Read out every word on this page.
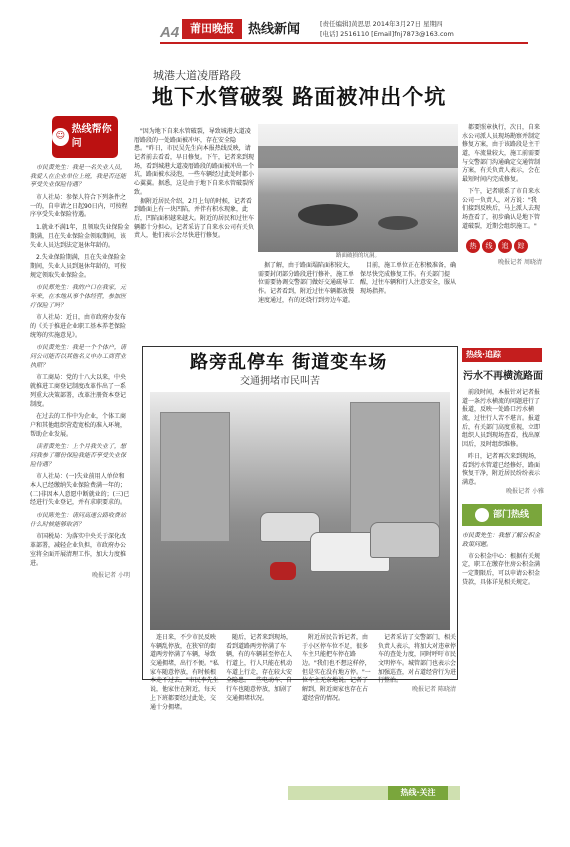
A4 莆田晚报	热线新闻	[责任编辑]黄思思 2014年3月27日 星期四
[电话] 2516110 [Email]fnj7873@163.com
☺
热线帮你问

市民黄先生：我是一名失业人员，我爱人在企业单位上班，我是否还能享受失业保险待遇？

市人社局：参保人符合下列条件之一的，自申请之日起90日内，可按程序享受失业保险待遇。

1.就业不满1年，且领取失业保险金期满，且在失业保险金领取期间，该失业人员达到法定退休年龄的。

2.失业保险期满，且在失业保险金期间，失业人员到退休年龄的，可按规定领取失业保险金。

市民郑先生：我的户口在我家，元年来，在本地从事个体经营，参加医疗保险了吗？

市人社局：近日，由市政府办发布的《关于推进企业职工基本养老保险统筹的实施意见》。

市民黄先生：我是一个个体户，请问公司能否以其他名义申办工商营业执照？

市工商局：党的十八大以来，中央就推进工商登记制度改革作出了一系列重大决策部署，改革注册资本登记制度。

在过去的工作中为企业，个体工商户和其他组织营造宽松的准入环境，帮助企业发展。

读者黄先生：上个月我失业了，想问我参了哪份保险我能否享受失业保险待遇？

市人社局：(一)失业前用人单位和本人已经缴纳失业保险费满一年的；(二)非因本人意愿中断就业的；(三)已经进行失业登记，并有求职要求的。

市民陈先生：请问高速公路收费站什么时候能够取消？

市国税局：为落实中央关于深化改革部署，减轻企业负担，市政府办公室将全面开展清理工作，加大力度推进。

晚报记者 小明
城港大道凌厝路段
地下水管破裂 路面被冲出个坑

"因为地下自来水管破裂，导致城港大道凌厝路段的一处路面被冲坏，存在安全隐患。"昨日，市民吴先生向本报热线反映，请记者前去看看，早日修复。下午，记者来到现场，看到城港大道凌厝路段的路面被冲出一个坑，路面被水浸泡，一些车辆经过此处时都小心翼翼。据悉，这是由于地下自来水管破裂所致。

据附近居民介绍，2月上旬的时候，记者看到路面上有一块凹陷，并伴有积水现象，此后，凹陷面积越来越大。附近的居民和过往车辆都十分担心。记者采访了自来水公司有关负责人，他们表示会尽快进行修复。

据了解，由于路面塌陷面积较大，需要封闭部分路段进行修补，施工单位需要协调交警部门做好交通疏导工作。记者看到，附近过往车辆都放慢速度通过，有的还绕行到旁边车道。

目前，施工单位正在积极准备，确保尽快完成修复工作。有关部门提醒，过往车辆和行人注意安全，服从现场指挥。

路面破损的坑洞。

都要照章执行，次日，自来水公司派人员现场勘察并制定修复方案，由于该路段是主干道，车流量较大，施工前需要与交警部门沟通确定交通管制方案，有关负责人表示，会在最短时间内完成修复。

下午，记者联系了市自来水公司一负责人，对方说："我们接到反映后，马上派人去现场查看了，初步确认是地下管道破裂，近期会组织施工。"

热	线	追	踪
晚报记者 周晓清
路旁乱停车 街道变车场
交通拥堵市民叫苦

连日来，不少市民反映车辆乱停放，在狭窄的街道两旁停满了车辆，导致交通拥堵，出行不便。"私家车随意停放，有时候根本走不过去。"市民李先生说，他家住在附近，每天上下班都要经过此处，交通十分拥堵。

随后，记者来到现场，看到道路两旁停满了车辆，有的车辆甚至停在人行道上，行人只能在机动车道上行走，存在较大安全隐患。一些电动车、自行车也随意停放，加剧了交通拥堵状况。

附近居民告诉记者，由于小区停车位不足，很多车主只能把车停在路边。"我们也不想这样停，但是实在没有地方停。"一位车主无奈地说。记者了解到，附近商家也存在占道经营的情况。

记者采访了交警部门，相关负责人表示，将加大对违章停车的查处力度，同时呼吁市民文明停车。城管部门也表示会加强巡查，对占道经营行为进行整治。

晚报记者 陈晓清
热线·追踪
污水不再横流路面

前段时间，本报针对记者报道一条污水横流的问题进行了报道，反映一处路口污水横流，过往行人苦不堪言。报道后，有关部门高度重视，立即组织人员到现场查看，找出原因后，及时组织维修。

昨日，记者再次来到现场，看到污水管道已经修好，路面恢复干净，附近居民纷纷表示满意。

晚报记者 小雅
部门热线

市民黄先生：我想了解公积金政策问题。

市公积金中心：根据有关规定，职工在缴存住房公积金满一定期限后，可以申请公积金贷款，具体详见相关规定。

热线·关注
